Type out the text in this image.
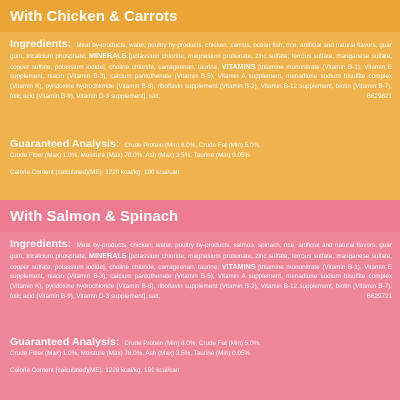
With Chicken & Carrots

Ingredients: Meat by-products, water, poultry by-products, chicken, carrots, ocean fish, rice, artificial and natural flavors, guar gum, tricalcium phosphate, MINERALS [potassium chloride, magnesium proteinate, zinc sulfate, ferrous sulfate, manganese sulfate, copper sulfate, potassium iodide], choline chloride, carrageenan, taurine, VITAMINS [thiamine mononitrate (Vitamin B-1), Vitamin E supplement, niacin (Vitamin B-3), calcium pantothenate (Vitamin B-5), Vitamin A supplement, menadione sodium bisulfite complex (Vitamin K), pyridoxine hydrochloride (Vitamin B-6), riboflavin supplement (Vitamin B-2), Vitamin B-12 supplement, biotin (Vitamin B-7), folic acid (Vitamin B-9), Vitamin D-3 supplement], salt.	B629821

Guaranteed Analysis: Crude Protein (Min) 8.0%, Crude Fat (Min) 5.0%,

Crude Fiber (Max) 1.0%, Moisture (Max) 78.0%, Ash (Max) 3.5%, Taurine (Min) 0.05%

Calorie Content (calculated)(ME): 1220 kcal/kg, 190 kcal/can

With Salmon & Spinach

Ingredients: Meat by-products, chicken, water, poultry by-products, salmon, spinach, rice, artificial and natural flavors, guar gum, tricalcium phosphate, MINERALS [potassium chloride, magnesium proteinate, zinc sulfate, ferrous sulfate, manganese sulfate, copper sulfate, potassium iodide], choline chloride, carrageenan, taurine, VITAMINS [thiamine mononitrate (Vitamin B-1), Vitamin E supplement, niacin (Vitamin B-3), calcium pantothenate (Vitamin B-5), Vitamin A supplement, menadione sodium bisulfite complex (Vitamin K), pyridoxine hydrochloride (Vitamin B-6), riboflavin supplement (Vitamin B-2), Vitamin B-12 supplement, biotin (Vitamin B-7), folic acid (Vitamin B-9), Vitamin D-3 supplement], salt.	B629721

Guaranteed Analysis: Crude Protein (Min) 8.0%, Crude Fat (Min) 5.0%,

Crude Fiber (Max) 1.0%, Moisture (Max) 78.0%, Ash (Max) 3.5%, Taurine (Min) 0.05%

Calorie Content (calculated)(ME): 1228 kcal/kg, 191 kcal/can
